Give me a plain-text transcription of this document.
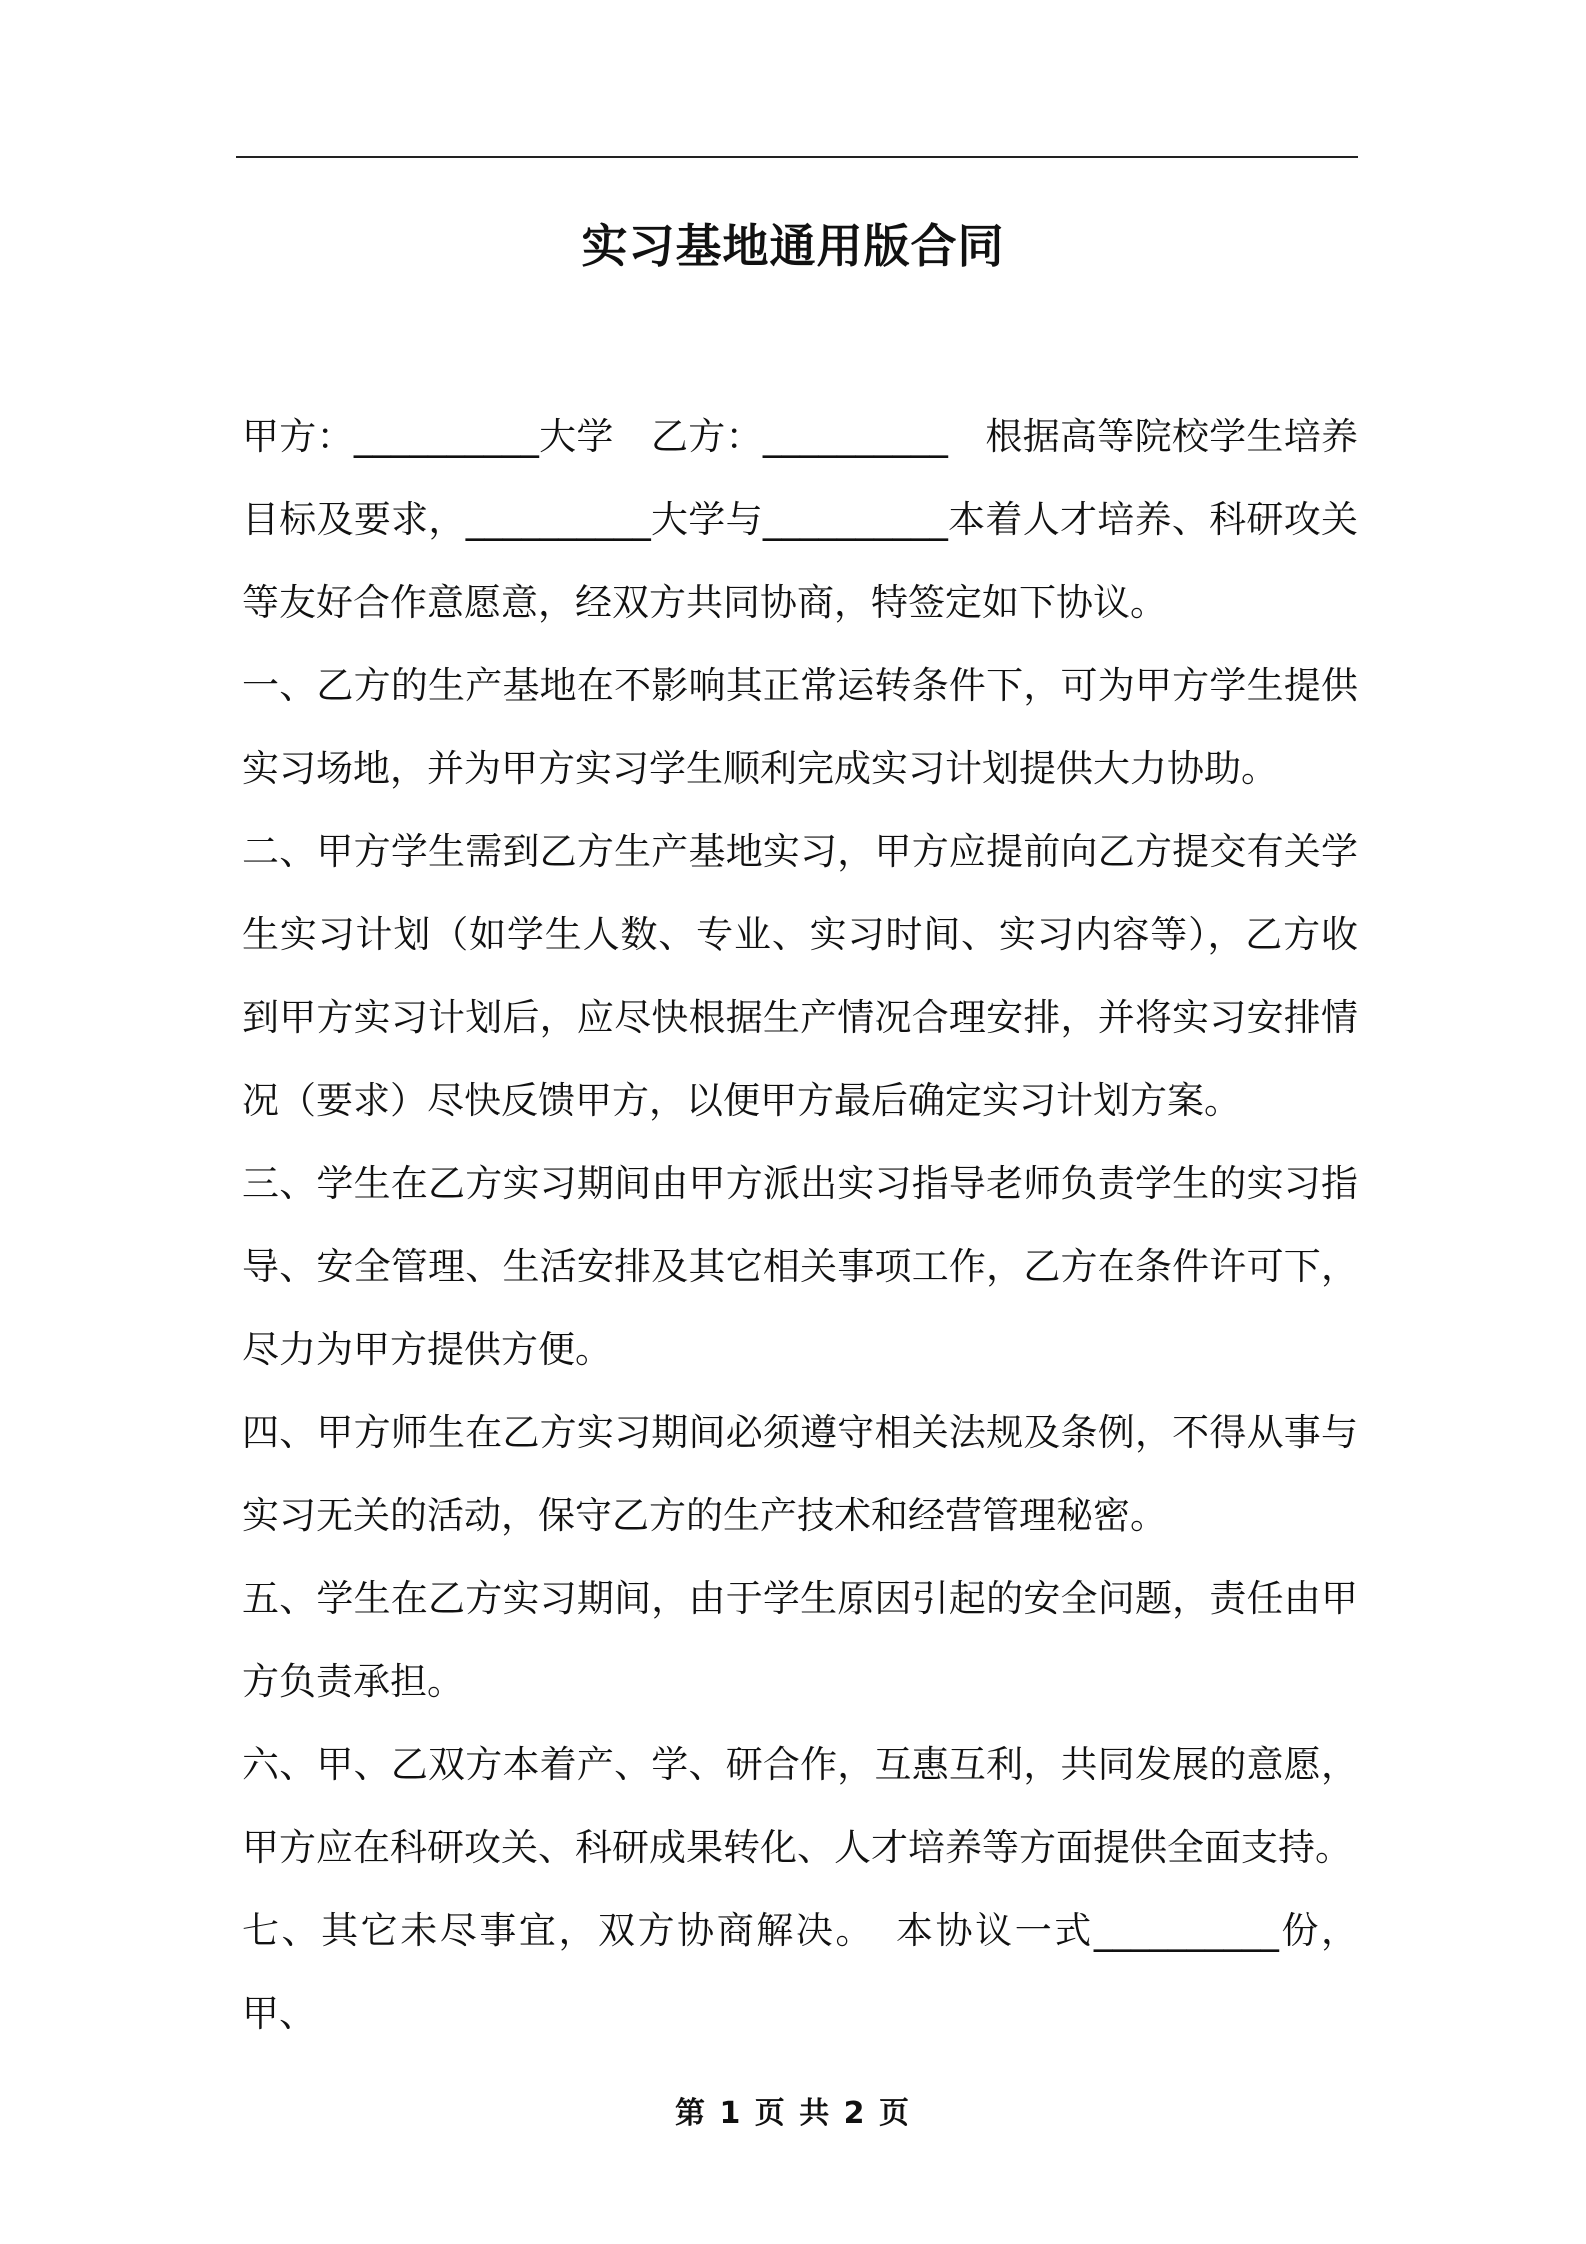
实习基地通用版合同

甲方：__________大学　乙方：__________　根据高等院校学生培养目标及要求，__________大学与__________本着人才培养、科研攻关等友好合作意愿意，经双方共同协商，特签定如下协议。

一、乙方的生产基地在不影响其正常运转条件下，可为甲方学生提供实习场地，并为甲方实习学生顺利完成实习计划提供大力协助。

二、甲方学生需到乙方生产基地实习，甲方应提前向乙方提交有关学生实习计划（如学生人数、专业、实习时间、实习内容等），乙方收到甲方实习计划后，应尽快根据生产情况合理安排，并将实习安排情况（要求）尽快反馈甲方，以便甲方最后确定实习计划方案。

三、学生在乙方实习期间由甲方派出实习指导老师负责学生的实习指导、安全管理、生活安排及其它相关事项工作，乙方在条件许可下，尽力为甲方提供方便。

四、甲方师生在乙方实习期间必须遵守相关法规及条例，不得从事与实习无关的活动，保守乙方的生产技术和经营管理秘密。

五、学生在乙方实习期间，由于学生原因引起的安全问题，责任由甲方负责承担。

六、甲、乙双方本着产、学、研合作，互惠互利，共同发展的意愿，甲方应在科研攻关、科研成果转化、人才培养等方面提供全面支持。

七、其它未尽事宜，双方协商解决。　本协议一式__________份，甲、

第 1 页 共 2 页
